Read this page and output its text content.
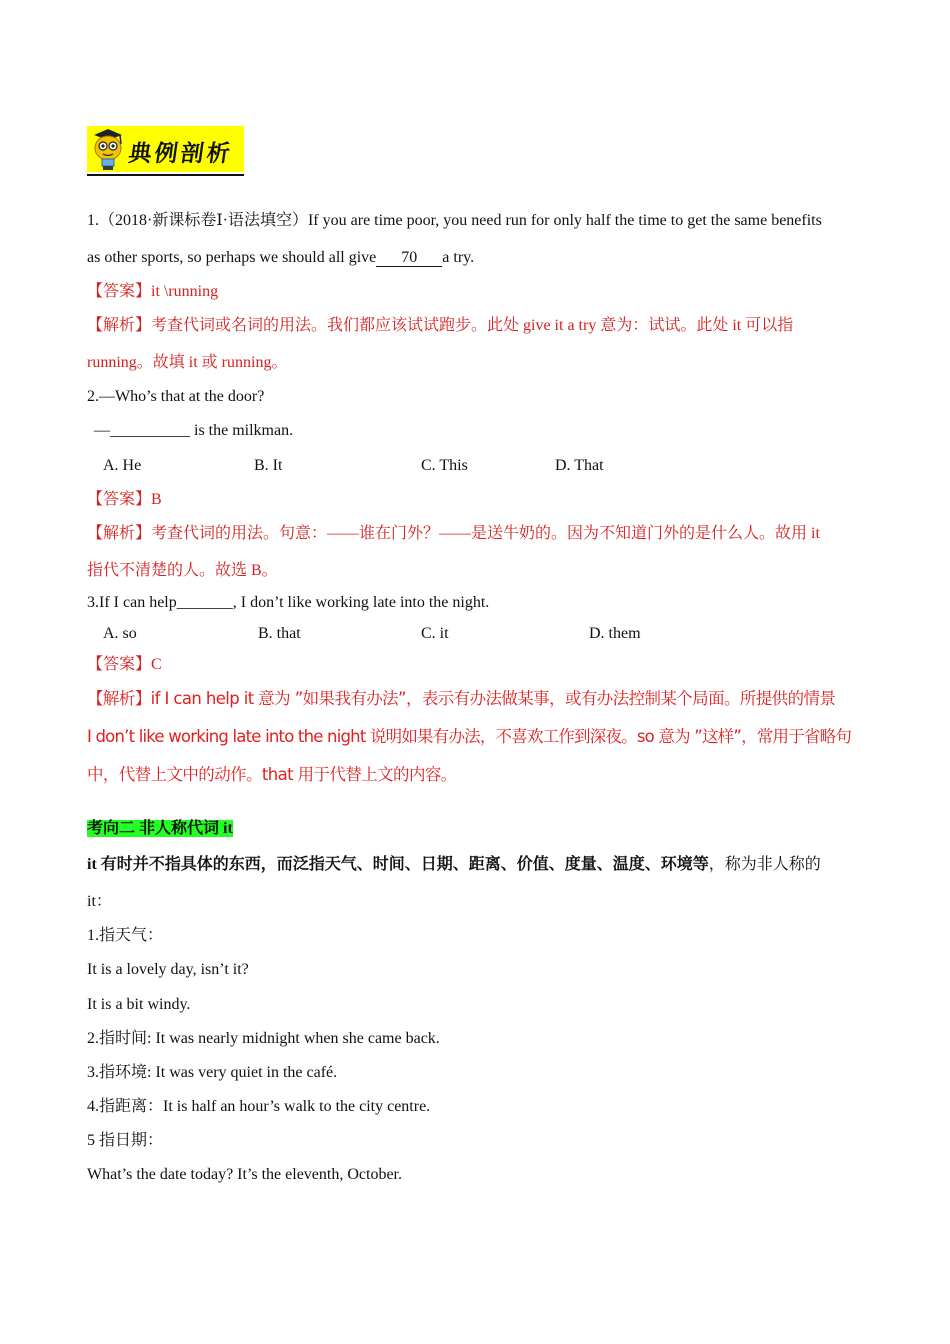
典例剖析
1.（2018·新课标卷Ⅰ·语法填空）If you are time poor, you need run for only half the time to get the same benefits
as other sports, so perhaps we should all give 70 a try.
【答案】it \running
【解析】考查代词或名词的用法。我们都应该试试跑步。此处 give it a try 意为：试试。此处 it 可以指
running。故填 it 或 running。
2.—Who’s that at the door?
—__________ is the milkman.
A. He	B. It	C. This	D. That
【答案】B
【解析】考查代词的用法。句意：——谁在门外？——是送牛奶的。因为不知道门外的是什么人。故用 it
指代不清楚的人。故选 B。
3.If I can help_______, I don’t like working late into the night.
A. so	B. that	C. it	D. them
【答案】C
【解析】if I can help it 意为 ”如果我有办法”，表示有办法做某事，或有办法控制某个局面。所提供的情景
I don’t like working late into the night 说明如果有办法，不喜欢工作到深夜。so 意为 ”这样”，常用于省略句
中，代替上文中的动作。that 用于代替上文的内容。
考向二 非人称代词 it
it 有时并不指具体的东西，而泛指天气、时间、日期、距离、价值、度量、温度、环境等，称为非人称的
it：
1.指天气：
It is a lovely day, isn’t it?
It is a bit windy.
2.指时间: It was nearly midnight when she came back.
3.指环境: It was very quiet in the café.
4.指距离：It is half an hour’s walk to the city centre.
5 指日期：
What’s the date today? It’s the eleventh, October.
